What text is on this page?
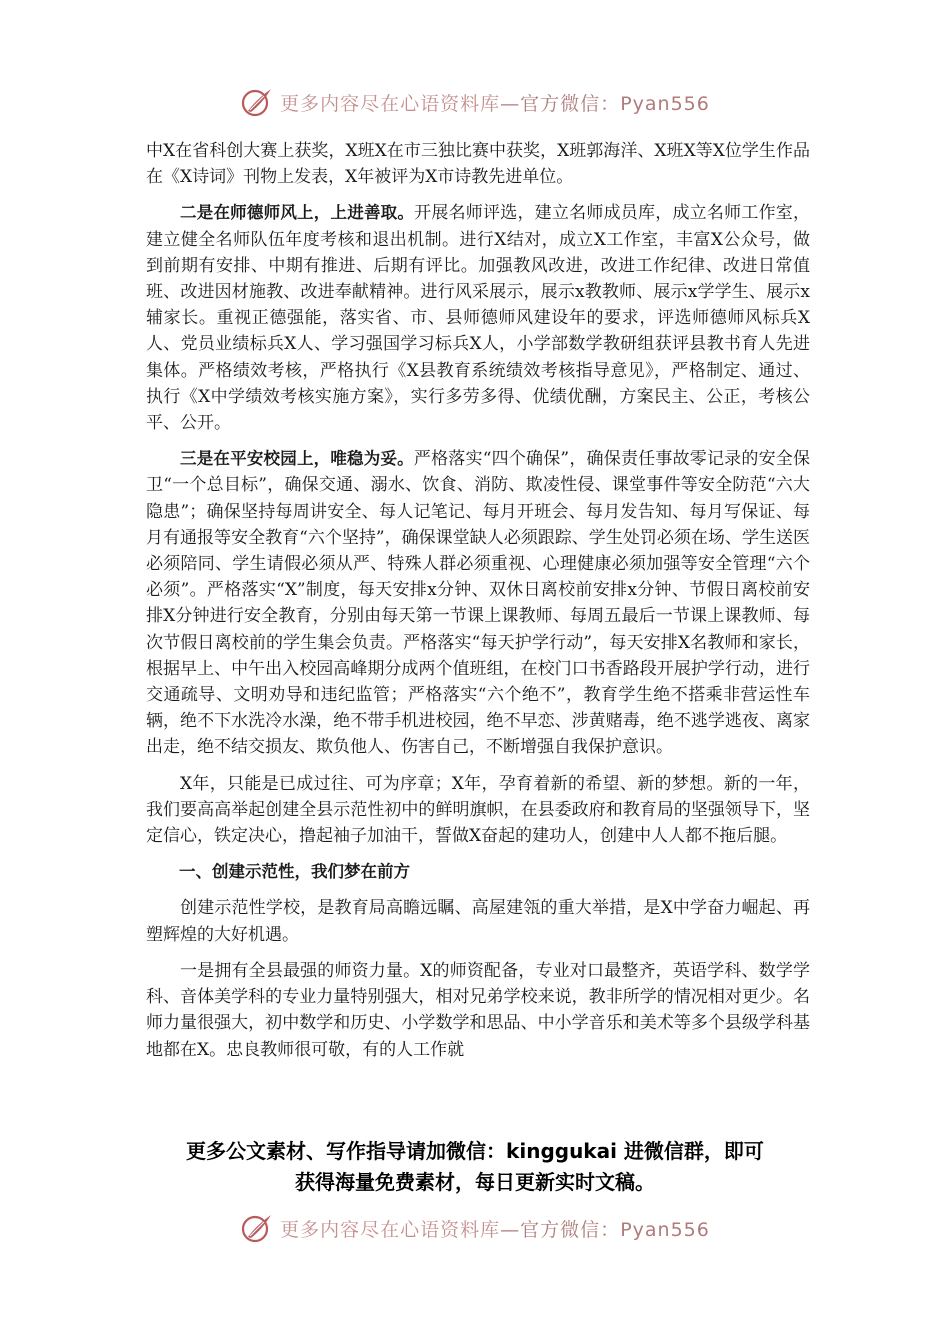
更多内容尽在心语资料库—官方微信：Pyan556

中X在省科创大赛上获奖，X班X在市三独比赛中获奖，X班郭海洋、X班X等X位学生作品在《X诗词》刊物上发表，X年被评为X市诗教先进单位。

二是在师德师风上，上进善取。开展名师评选，建立名师成员库，成立名师工作室，建立健全名师队伍年度考核和退出机制。进行X结对，成立X工作室，丰富X公众号，做到前期有安排、中期有推进、后期有评比。加强教风改进，改进工作纪律、改进日常值班、改进因材施教、改进奉献精神。进行风采展示，展示x教教师、展示x学学生、展示x辅家长。重视正德强能，落实省、市、县师德师风建设年的要求，评选师德师风标兵X人、党员业绩标兵X人、学习强国学习标兵X人，小学部数学教研组获评县教书育人先进集体。严格绩效考核，严格执行《X县教育系统绩效考核指导意见》，严格制定、通过、执行《X中学绩效考核实施方案》，实行多劳多得、优绩优酬，方案民主、公正，考核公平、公开。

三是在平安校园上，唯稳为妥。严格落实“四个确保”，确保责任事故零记录的安全保卫“一个总目标”，确保交通、溺水、饮食、消防、欺凌性侵、课堂事件等安全防范“六大隐患”；确保坚持每周讲安全、每人记笔记、每月开班会、每月发告知、每月写保证、每月有通报等安全教育“六个坚持”，确保课堂缺人必须跟踪、学生处罚必须在场、学生送医必须陪同、学生请假必须从严、特殊人群必须重视、心理健康必须加强等安全管理“六个必须”。严格落实“X”制度，每天安排x分钟、双休日离校前安排x分钟、节假日离校前安排X分钟进行安全教育，分别由每天第一节课上课教师、每周五最后一节课上课教师、每次节假日离校前的学生集会负责。严格落实“每天护学行动”，每天安排X名教师和家长，根据早上、中午出入校园高峰期分成两个值班组，在校门口书香路段开展护学行动，进行交通疏导、文明劝导和违纪监管；严格落实“六个绝不”，教育学生绝不搭乘非营运性车辆，绝不下水洗冷水澡，绝不带手机进校园，绝不早恋、涉黄赌毒，绝不逃学逃夜、离家出走，绝不结交损友、欺负他人、伤害自己，不断增强自我保护意识。

X年，只能是已成过往、可为序章；X年，孕育着新的希望、新的梦想。新的一年，我们要高高举起创建全县示范性初中的鲜明旗帜，在县委政府和教育局的坚强领导下，坚定信心，铁定决心，撸起袖子加油干，誓做X奋起的建功人，创建中人人都不拖后腿。

一、创建示范性，我们梦在前方

创建示范性学校，是教育局高瞻远瞩、高屋建瓴的重大举措，是X中学奋力崛起、再塑辉煌的大好机遇。

一是拥有全县最强的师资力量。X的师资配备，专业对口最整齐，英语学科、数学学科、音体美学科的专业力量特别强大，相对兄弟学校来说，教非所学的情况相对更少。名师力量很强大，初中数学和历史、小学数学和思品、中小学音乐和美术等多个县级学科基地都在X。忠良教师很可敬，有的人工作就

更多公文素材、写作指导请加微信：kinggukai 进微信群，即可
获得海量免费素材，每日更新实时文稿。
更多内容尽在心语资料库—官方微信：Pyan556
